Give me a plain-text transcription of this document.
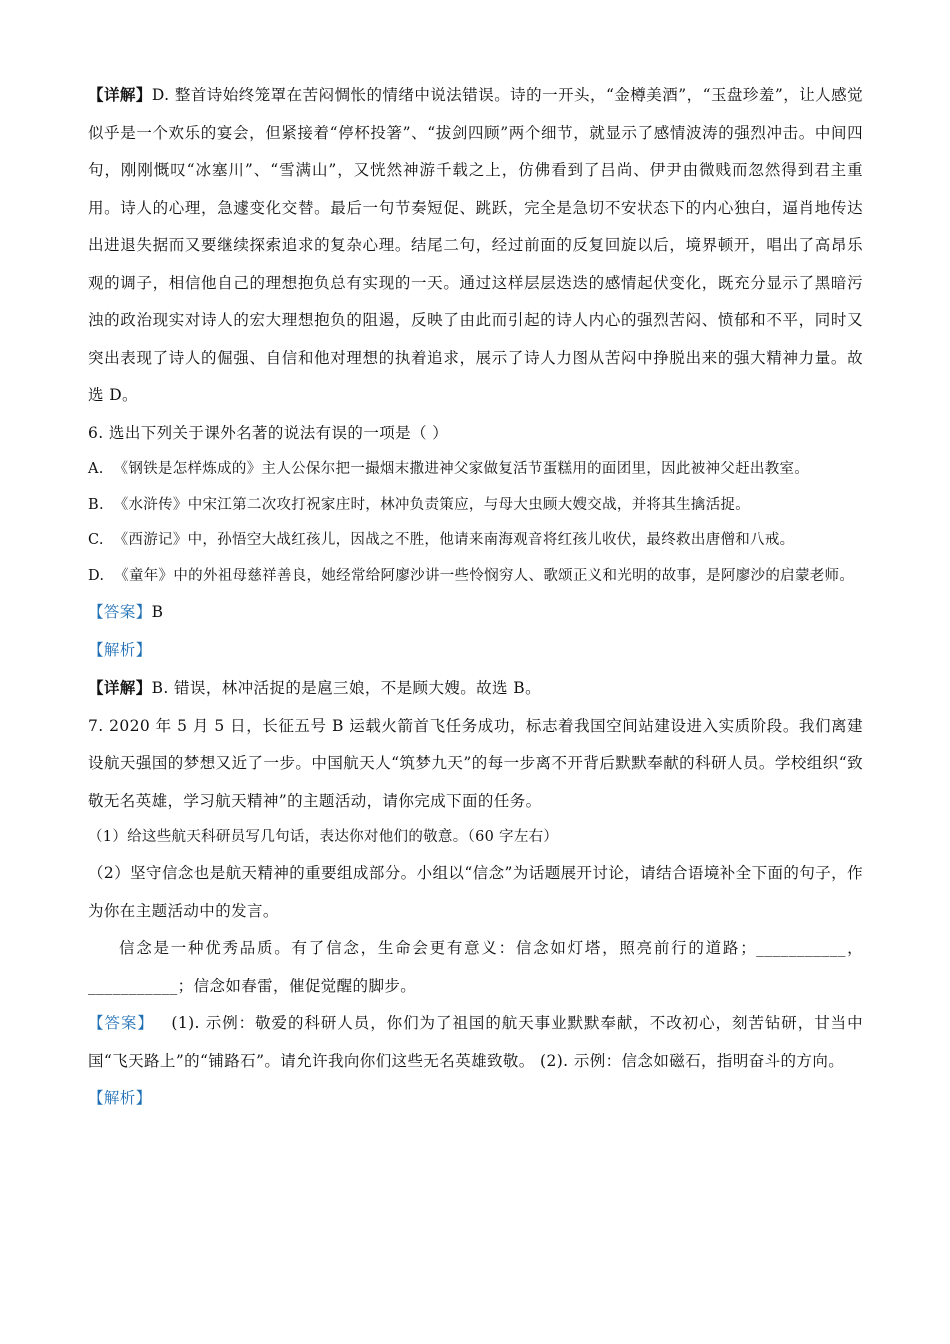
【详解】D. 整首诗始终笼罩在苦闷惆怅的情绪中说法错误。诗的一开头，“金樽美酒”，“玉盘珍羞”，让人感觉似乎是一个欢乐的宴会，但紧接着“停杯投箸”、“拔剑四顾”两个细节，就显示了感情波涛的强烈冲击。中间四句，刚刚慨叹“冰塞川”、“雪满山”，又恍然神游千载之上，仿佛看到了吕尚、伊尹由微贱而忽然得到君主重用。诗人的心理，急遽变化交替。最后一句节奏短促、跳跃，完全是急切不安状态下的内心独白，逼肖地传达出进退失据而又要继续探索追求的复杂心理。结尾二句，经过前面的反复回旋以后，境界顿开，唱出了高昂乐观的调子，相信他自己的理想抱负总有实现的一天。通过这样层层迭迭的感情起伏变化，既充分显示了黑暗污浊的政治现实对诗人的宏大理想抱负的阻遏，反映了由此而引起的诗人内心的强烈苦闷、愤郁和不平，同时又突出表现了诗人的倔强、自信和他对理想的执着追求，展示了诗人力图从苦闷中挣脱出来的强大精神力量。故选 D。

6. 选出下列关于课外名著的说法有误的一项是（ ）

A. 《钢铁是怎样炼成的》主人公保尔把一撮烟末撒进神父家做复活节蛋糕用的面团里，因此被神父赶出教室。

B. 《水浒传》中宋江第二次攻打祝家庄时，林冲负责策应，与母大虫顾大嫂交战，并将其生擒活捉。

C. 《西游记》中，孙悟空大战红孩儿，因战之不胜，他请来南海观音将红孩儿收伏，最终救出唐僧和八戒。

D. 《童年》中的外祖母慈祥善良，她经常给阿廖沙讲一些怜悯穷人、歌颂正义和光明的故事，是阿廖沙的启蒙老师。

【答案】B

【解析】

【详解】B. 错误，林冲活捉的是扈三娘，不是顾大嫂。故选 B。

7. 2020 年 5 月 5 日，长征五号 B 运载火箭首飞任务成功，标志着我国空间站建设进入实质阶段。我们离建设航天强国的梦想又近了一步。中国航天人“筑梦九天”的每一步离不开背后默默奉献的科研人员。学校组织“致敬无名英雄，学习航天精神”的主题活动，请你完成下面的任务。

（1）给这些航天科研员写几句话，表达你对他们的敬意。（60 字左右）

（2）坚守信念也是航天精神的重要组成部分。小组以“信念”为话题展开讨论，请结合语境补全下面的句子，作为你在主题活动中的发言。

信念是一种优秀品质。有了信念，生命会更有意义：信念如灯塔，照亮前行的道路；___________，___________；信念如春雷，催促觉醒的脚步。

【答案】 (1). 示例：敬爱的科研人员，你们为了祖国的航天事业默默奉献，不改初心，刻苦钻研，甘当中国“飞天路上”的“铺路石”。请允许我向你们这些无名英雄致敬。 (2). 示例：信念如磁石，指明奋斗的方向。

【解析】
